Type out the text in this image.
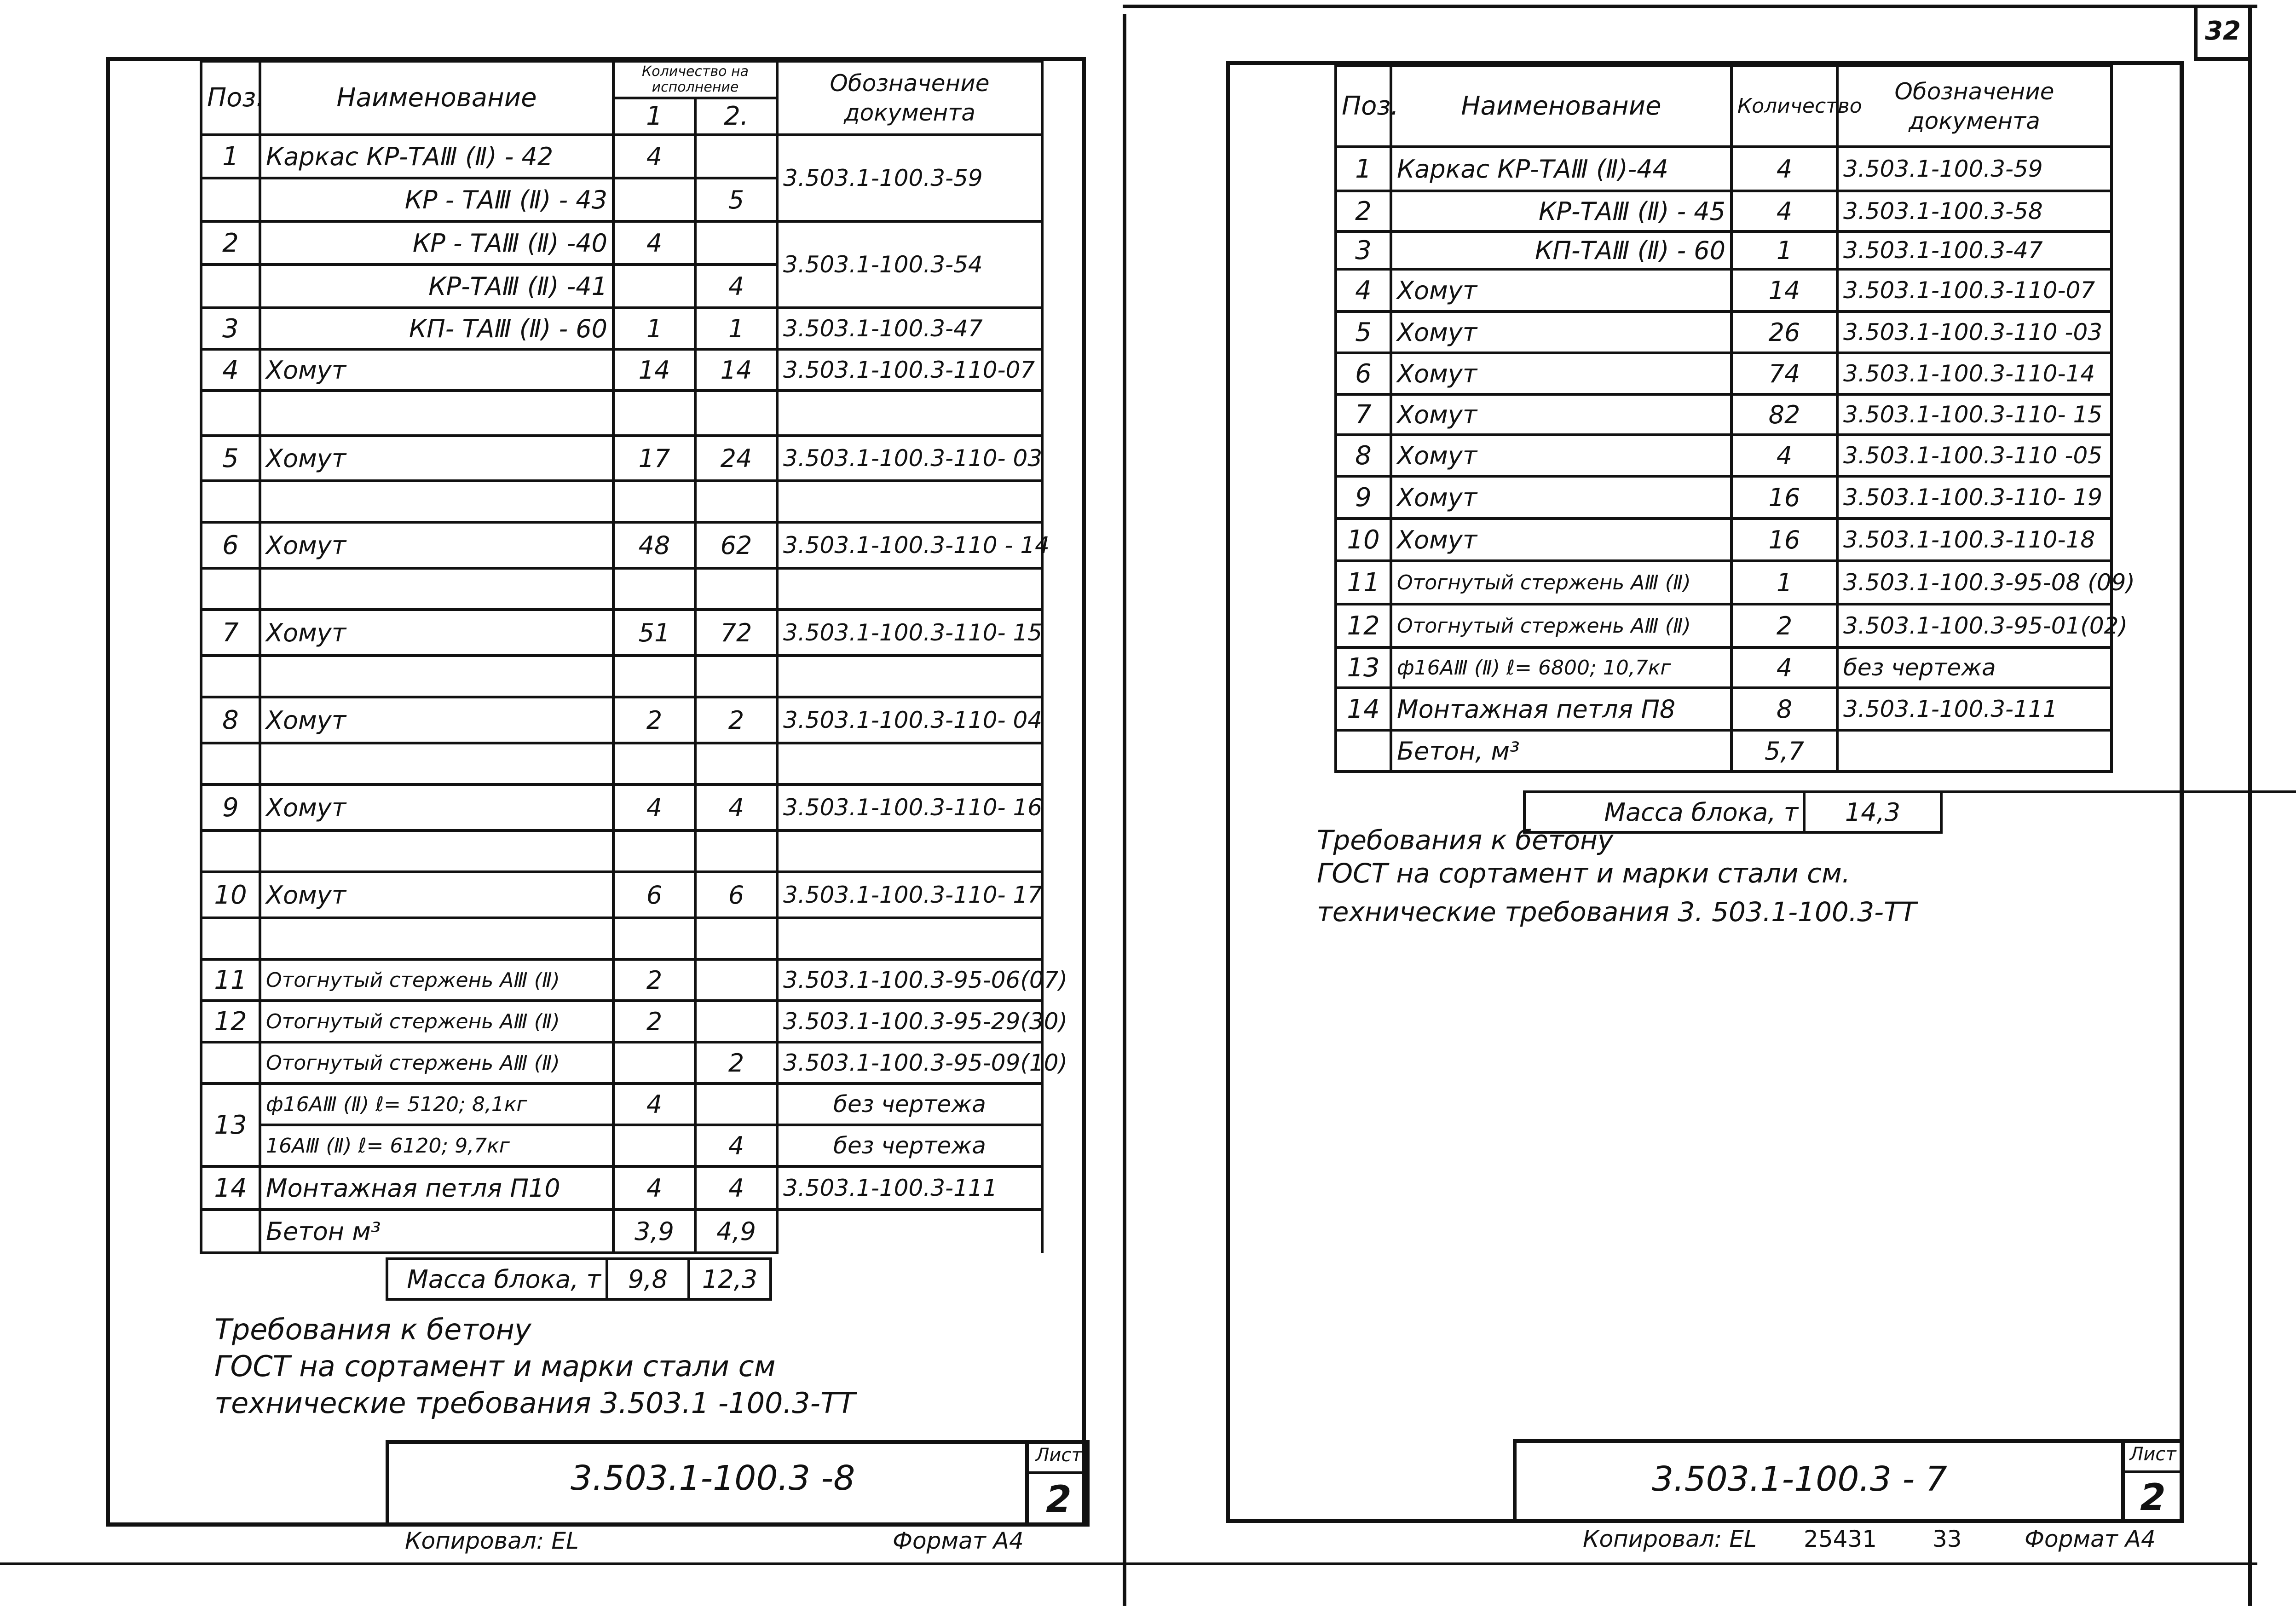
32
Поз.	Наименование	Количество на исполнение		Обозначение документа
		1	2.	
1	Каркас КР-ТАⅢ (Ⅱ) - 42	4		3.503.1-100.3-59
	КР - ТАⅢ (Ⅱ) - 43		5	
2	КР - ТАⅢ (Ⅱ) -40	4		3.503.1-100.3-54
	КР-ТАⅢ (Ⅱ) -41		4	
3	КП- ТАⅢ (Ⅱ) - 60	1	1	3.503.1-100.3-47
4	Хомут	14	14	3.503.1-100.3-110-07

5	Хомут	17	24	3.503.1-100.3-110- 03

6	Хомут	48	62	3.503.1-100.3-110 - 14

7	Хомут	51	72	3.503.1-100.3-110- 15

8	Хомут	2	2	3.503.1-100.3-110- 04

9	Хомут	4	4	3.503.1-100.3-110- 16

10	Хомут	6	6	3.503.1-100.3-110- 17

11	Отогнутый стержень АⅢ (Ⅱ)	2		3.503.1-100.3-95-06(07)
12	Отогнутый стержень АⅢ (Ⅱ)	2		3.503.1-100.3-95-29(30)
	Отогнутый стержень АⅢ (Ⅱ)		2	3.503.1-100.3-95-09(10)
13	ф16АⅢ (Ⅱ) ℓ= 5120; 8,1кг	4		без чертежа
	16АⅢ (Ⅱ) ℓ= 6120; 9,7кг		4	без чертежа
14	Монтажная петля П10	4	4	3.503.1-100.3-111
	Бетон м³	3,9	4,9	
Масса блока, т	9,8	12,3
Требования к бетону
ГОСТ на сортамент и марки стали см
технические требования 3.503.1 -100.3-ТТ
3.503.1-100.3 -8
Лист
2
Копировал: ЕL	Формат А4
Поз.	Наименование	Количество	Обозначение документа
1	Каркас КР-ТАⅢ (Ⅱ)-44	4	3.503.1-100.3-59
2	КР-ТАⅢ (Ⅱ) - 45	4	3.503.1-100.3-58
3	КП-ТАⅢ (Ⅱ) - 60	1	3.503.1-100.3-47
4	Хомут	14	3.503.1-100.3-110-07
5	Хомут	26	3.503.1-100.3-110 -03
6	Хомут	74	3.503.1-100.3-110-14
7	Хомут	82	3.503.1-100.3-110- 15
8	Хомут	4	3.503.1-100.3-110 -05
9	Хомут	16	3.503.1-100.3-110- 19
10	Хомут	16	3.503.1-100.3-110-18
11	Отогнутый стержень АⅢ (Ⅱ)	1	3.503.1-100.3-95-08 (09)
12	Отогнутый стержень АⅢ (Ⅱ)	2	3.503.1-100.3-95-01(02)
13	ф16АⅢ (Ⅱ) ℓ= 6800; 10,7кг	4	без чертежа
14	Монтажная петля П8	8	3.503.1-100.3-111
	Бетон, м³	5,7	
Масса блока, т	14,3	
Требования к бетону
ГОСТ на сортамент и марки стали см.
технические требования 3. 503.1-100.3-ТТ
3.503.1-100.3 - 7
Лист
2
Копировал: ЕL 25431 33	Формат А4
